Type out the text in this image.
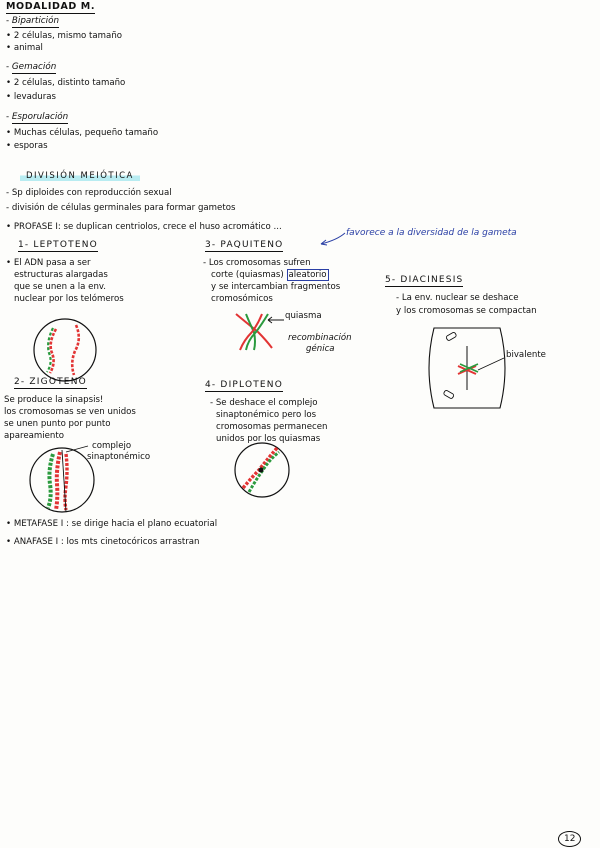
MODALIDAD M.
- Bipartición
• 2 células, mismo tamaño
• animal
- Gemación
• 2 células, distinto tamaño
• levaduras
- Esporulación
• Muchas células, pequeño tamaño
• esporas
DIVISIÓN MEIÓTICA
- Sp diploides con reproducción sexual
- división de células germinales para formar gametos
• PROFASE I: se duplican centriolos, crece el huso acromático ...
favorece a la diversidad de la gameta
1- LEPTOTENO
• El ADN pasa a ser
estructuras alargadas
que se unen a la env.
nuclear por los telómeros
3- PAQUITENO
- Los cromosomas sufren
corte (quiasmas) aleatorio
y se intercambian fragmentos
cromosómicos
quiasma
recombinación
génica
5- DIACINESIS
- La env. nuclear se deshace
y los cromosomas se compactan
bivalente
2- ZIGOTENO
Se produce la sinapsis!
los cromosomas se ven unidos
se unen punto por punto
apareamiento
complejo
sinaptonémico
4- DIPLOTENO
- Se deshace el complejo
sinaptonémico pero los
cromosomas permanecen
unidos por los quiasmas
• METAFASE I : se dirige hacia el plano ecuatorial
• ANAFASE I : los mts cinetocóricos arrastran
12
